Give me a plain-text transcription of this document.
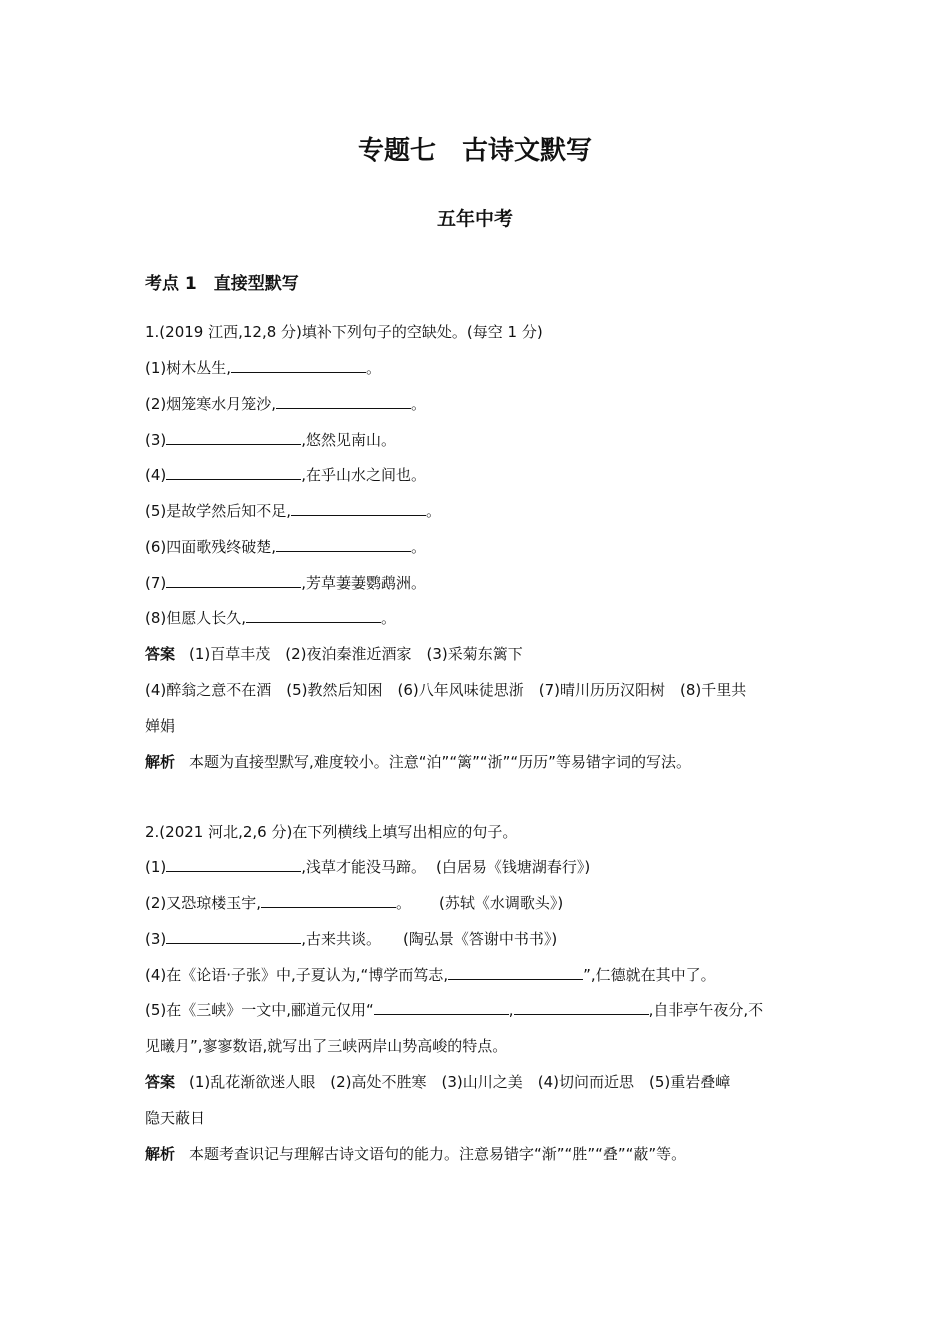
专题七　古诗文默写
五年中考
考点 1　直接型默写
1.(2019 江西,12,8 分)填补下列句子的空缺处。(每空 1 分)
(1)树木丛生,	。
(2)烟笼寒水月笼沙,	。
(3)	,悠然见南山。
(4)	,在乎山水之间也。
(5)是故学然后知不足,	。
(6)四面歌残终破楚,	。
(7)	,芳草萋萋鹦鹉洲。
(8)但愿人长久,	。
答案 (1)百草丰茂　(2)夜泊秦淮近酒家　(3)采菊东篱下
(4)醉翁之意不在酒　(5)教然后知困　(6)八年风味徒思浙　(7)晴川历历汉阳树　(8)千里共
婵娟
解析 本题为直接型默写,难度较小。注意“泊”“篱”“浙”“历历”等易错字词的写法。
2.(2021 河北,2,6 分)在下列横线上填写出相应的句子。
(1)	,浅草才能没马蹄。 (白居易《钱塘湖春行》)
(2)又恐琼楼玉宇,	。 (苏轼《水调歌头》)
(3)	,古来共谈。 (陶弘景《答谢中书书》)
(4)在《论语·子张》中,子夏认为,“博学而笃志,	”,仁德就在其中了。
(5)在《三峡》一文中,郦道元仅用“	,	,自非亭午夜分,不
见曦月”,寥寥数语,就写出了三峡两岸山势高峻的特点。
答案 (1)乱花渐欲迷人眼　(2)高处不胜寒　(3)山川之美　(4)切问而近思　(5)重岩叠嶂
隐天蔽日
解析 本题考查识记与理解古诗文语句的能力。注意易错字“渐”“胜”“叠”“蔽”等。
